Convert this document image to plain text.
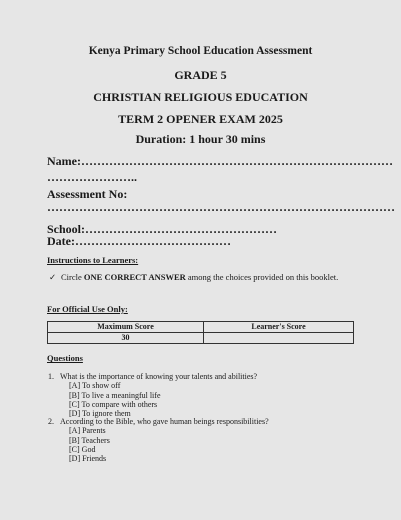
Kenya Primary School Education Assessment
GRADE 5
CHRISTIAN RELIGIOUS EDUCATION
TERM 2 OPENER EXAM 2025
Duration: 1 hour 30 mins
Name:……………………………………………………………………
…………………..
Assessment No:
……………………………………………………………………………
School:…………………………………………
Date:…………………………………
Instructions to Learners:
✓ Circle ONE CORRECT ANSWER among the choices provided on this booklet.
For Official Use Only:
Maximum Score	Learner's Score
30	
Questions
1. What is the importance of knowing your talents and abilities?
[A] To show off
[B] To live a meaningful life
[C] To compare with others
[D] To ignore them
2. According to the Bible, who gave human beings responsibilities?
[A] Parents
[B] Teachers
[C] God
[D] Friends
